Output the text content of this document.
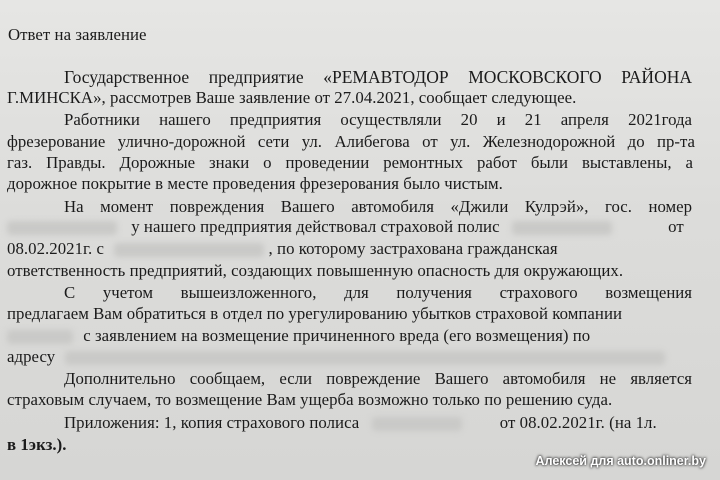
Ответ на заявление
Государственное предприятие «РЕМАВТОДОР МОСКОВСКОГО РАЙОНА
Г.МИНСКА», рассмотрев Ваше заявление от 27.04.2021, сообщает следующее.
Работники нашего предприятия осуществляли 20 и 21 апреля 2021года
фрезерование улично-дорожной сети ул. Алибегова от ул. Железнодорожной до пр-та
газ. Правды. Дорожные знаки о проведении ремонтных работ были выставлены, а
дорожное покрытие в месте проведения фрезерования было чистым.
На момент повреждения Вашего автомобиля «Джили Кулрэй», гос. номер
у нашего предприятия действовал страховой полис	от
08.02.2021г. с	, по которому застрахована гражданская
ответственность предприятий, создающих повышенную опасность для окружающих.
С учетом вышеизложенного, для получения страхового возмещения
предлагаем Вам обратиться в отдел по урегулированию убытков страховой компании
с заявлением на возмещение причиненного вреда (его возмещения) по
адресу
Дополнительно сообщаем, если повреждение Вашего автомобиля не является
страховым случаем, то возмещение Вам ущерба возможно только по решению суда.
Приложения: 1, копия страхового полиса	от 08.02.2021г. (на 1л.
в 1экз.).
Алексей для auto.onliner.by
